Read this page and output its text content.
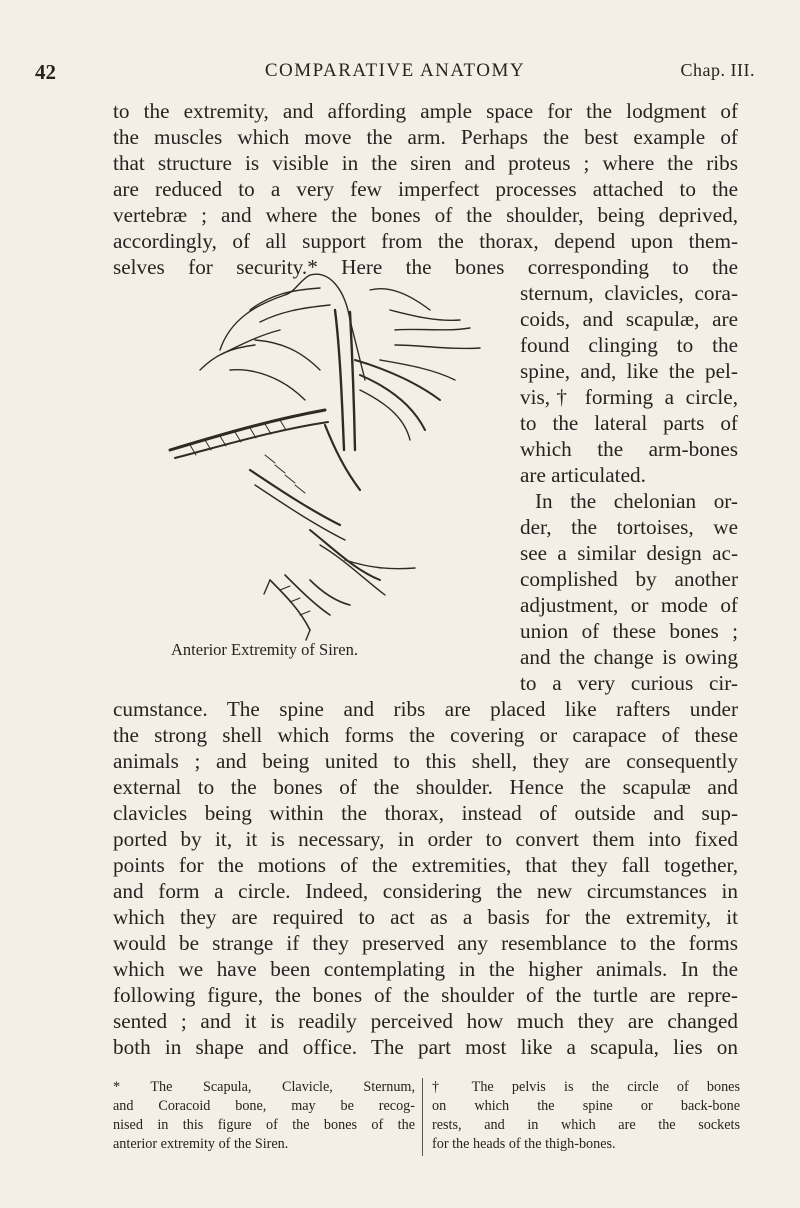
42	COMPARATIVE ANATOMY	Chap. III.
to the extremity, and affording ample space for the lodgment of
the muscles which move the arm. Perhaps the best example of
that structure is visible in the siren and proteus ; where the ribs
are reduced to a very few imperfect processes attached to the
vertebræ ; and where the bones of the shoulder, being deprived,
accordingly, of all support from the thorax, depend upon them-
selves for security.* Here the bones corresponding to the
sternum, clavicles, cora-
coids, and scapulæ, are
found clinging to the
spine, and, like the pel-
vis,† forming a circle,
to the lateral parts of
which the arm-bones
are articulated.
In the chelonian or-
der, the tortoises, we
see a similar design ac-
complished by another
adjustment, or mode of
union of these bones ;
and the change is owing
to a very curious cir-
Anterior Extremity of Siren.
cumstance. The spine and ribs are placed like rafters under
the strong shell which forms the covering or carapace of these
animals ; and being united to this shell, they are consequently
external to the bones of the shoulder. Hence the scapulæ and
clavicles being within the thorax, instead of outside and sup-
ported by it, it is necessary, in order to convert them into fixed
points for the motions of the extremities, that they fall together,
and form a circle. Indeed, considering the new circumstances in
which they are required to act as a basis for the extremity, it
would be strange if they preserved any resemblance to the forms
which we have been contemplating in the higher animals. In the
following figure, the bones of the shoulder of the turtle are repre-
sented ; and it is readily perceived how much they are changed
both in shape and office. The part most like a scapula, lies on
* The Scapula, Clavicle, Sternum,
and Coracoid bone, may be recog-
nised in this figure of the bones of the
anterior extremity of the Siren.
† The pelvis is the circle of bones
on which the spine or back-bone
rests, and in which are the sockets
for the heads of the thigh-bones.
